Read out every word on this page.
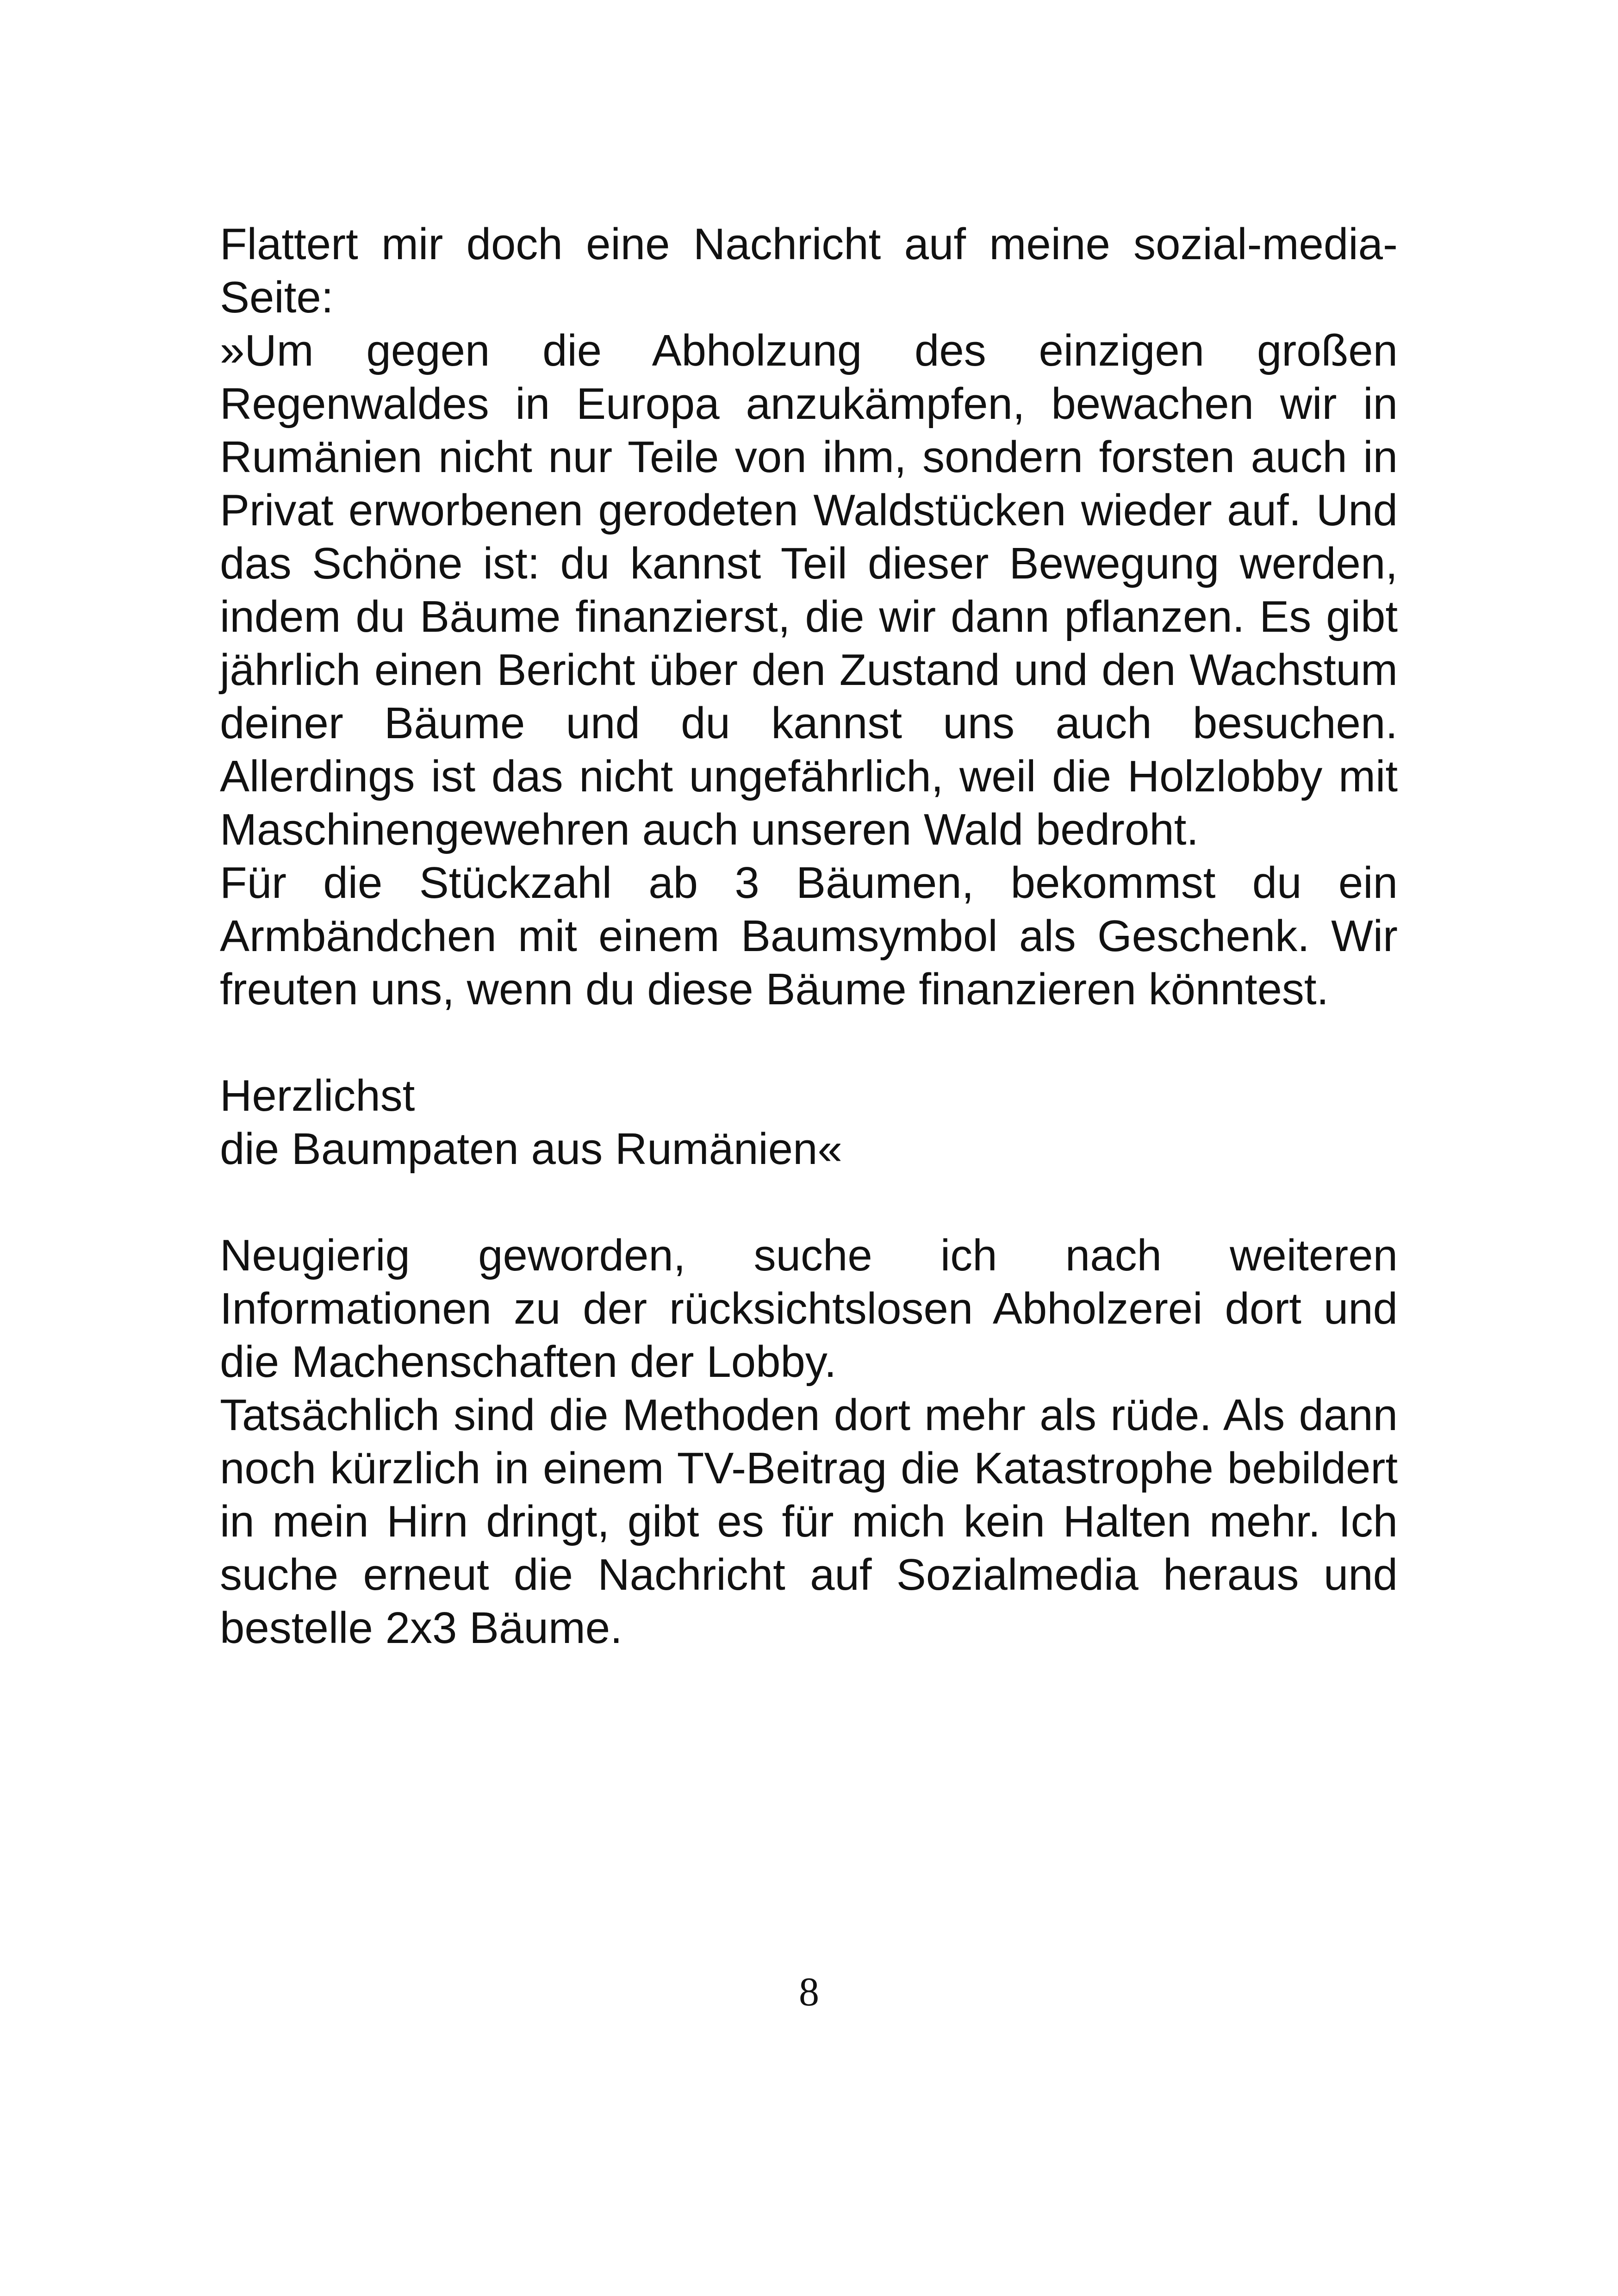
Flattert mir doch eine Nachricht auf meine sozial-media-Seite:

»Um gegen die Abholzung des einzigen großen Regenwaldes in Europa anzukämpfen, bewachen wir in Rumänien nicht nur Teile von ihm, sondern forsten auch in Privat erworbenen gerodeten Waldstücken wieder auf. Und das Schöne ist: du kannst Teil dieser Bewegung werden, indem du Bäume finanzierst, die wir dann pflanzen. Es gibt jährlich einen Bericht über den Zustand und den Wachstum deiner Bäume und du kannst uns auch besuchen. Allerdings ist das nicht ungefährlich, weil die Holzlobby mit Maschinengewehren auch unseren Wald bedroht.

Für die Stückzahl ab 3 Bäumen, bekommst du ein Armbändchen mit einem Baumsymbol als Geschenk. Wir freuten uns, wenn du diese Bäume finanzieren könntest.

Herzlichst

die Baumpaten aus Rumänien«

Neugierig geworden, suche ich nach weiteren Informationen zu der rücksichtslosen Abholzerei dort und die Machenschaften der Lobby.

Tatsächlich sind die Methoden dort mehr als rüde. Als dann noch kürzlich in einem TV-Beitrag die Katastrophe bebildert in mein Hirn dringt, gibt es für mich kein Halten mehr. Ich suche erneut die Nachricht auf Sozialmedia heraus und bestelle 2x3 Bäume.

8
